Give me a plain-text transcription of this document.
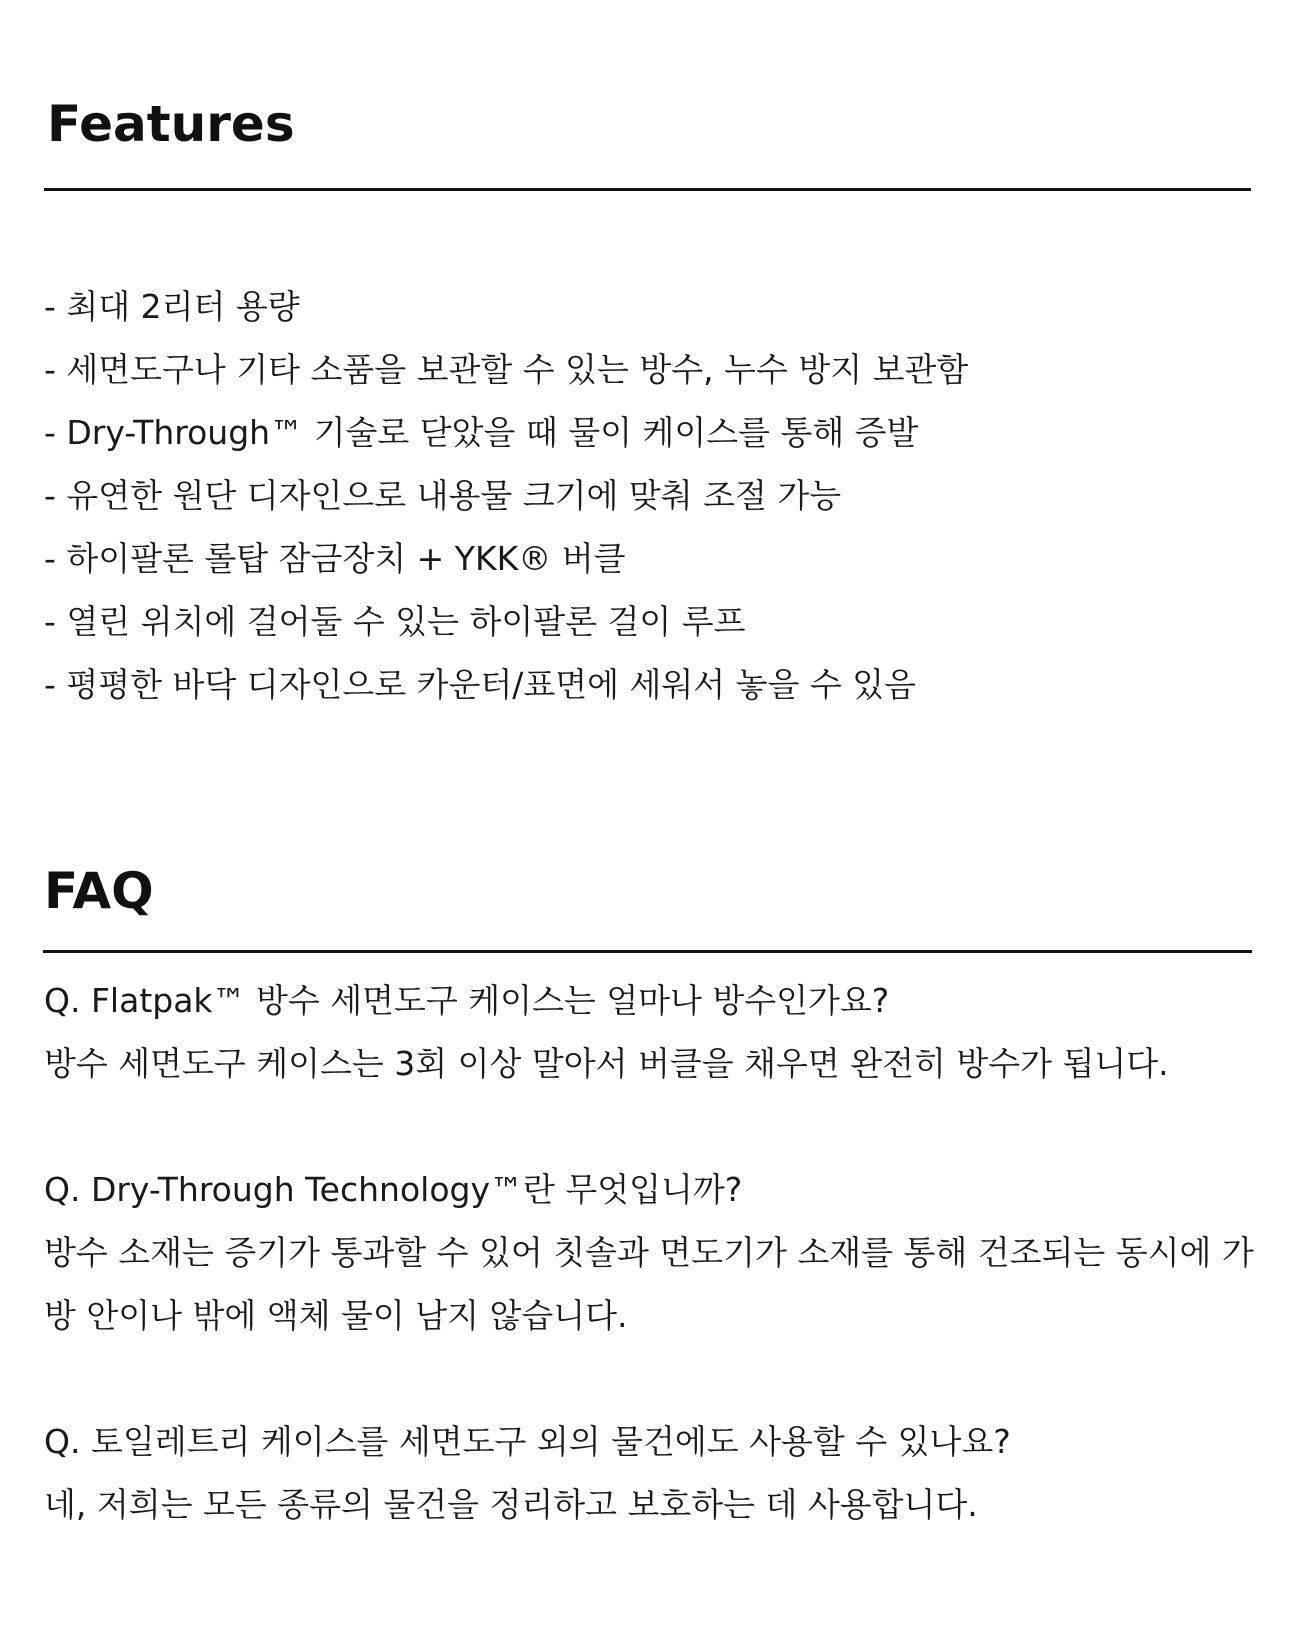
Features
- 최대 2리터 용량
- 세면도구나 기타 소품을 보관할 수 있는 방수, 누수 방지 보관함
- Dry-Through™ 기술로 닫았을 때 물이 케이스를 통해 증발
- 유연한 원단 디자인으로 내용물 크기에 맞춰 조절 가능
- 하이팔론 롤탑 잠금장치 + YKK® 버클
- 열린 위치에 걸어둘 수 있는 하이팔론 걸이 루프
- 평평한 바닥 디자인으로 카운터/표면에 세워서 놓을 수 있음
FAQ

Q. Flatpak™ 방수 세면도구 케이스는 얼마나 방수인가요?

방수 세면도구 케이스는 3회 이상 말아서 버클을 채우면 완전히 방수가 됩니다.

Q. Dry-Through Technology™란 무엇입니까?

방수 소재는 증기가 통과할 수 있어 칫솔과 면도기가 소재를 통해 건조되는 동시에 가방 안이나 밖에 액체 물이 남지 않습니다.

Q. 토일레트리 케이스를 세면도구 외의 물건에도 사용할 수 있나요?

네, 저희는 모든 종류의 물건을 정리하고 보호하는 데 사용합니다.
